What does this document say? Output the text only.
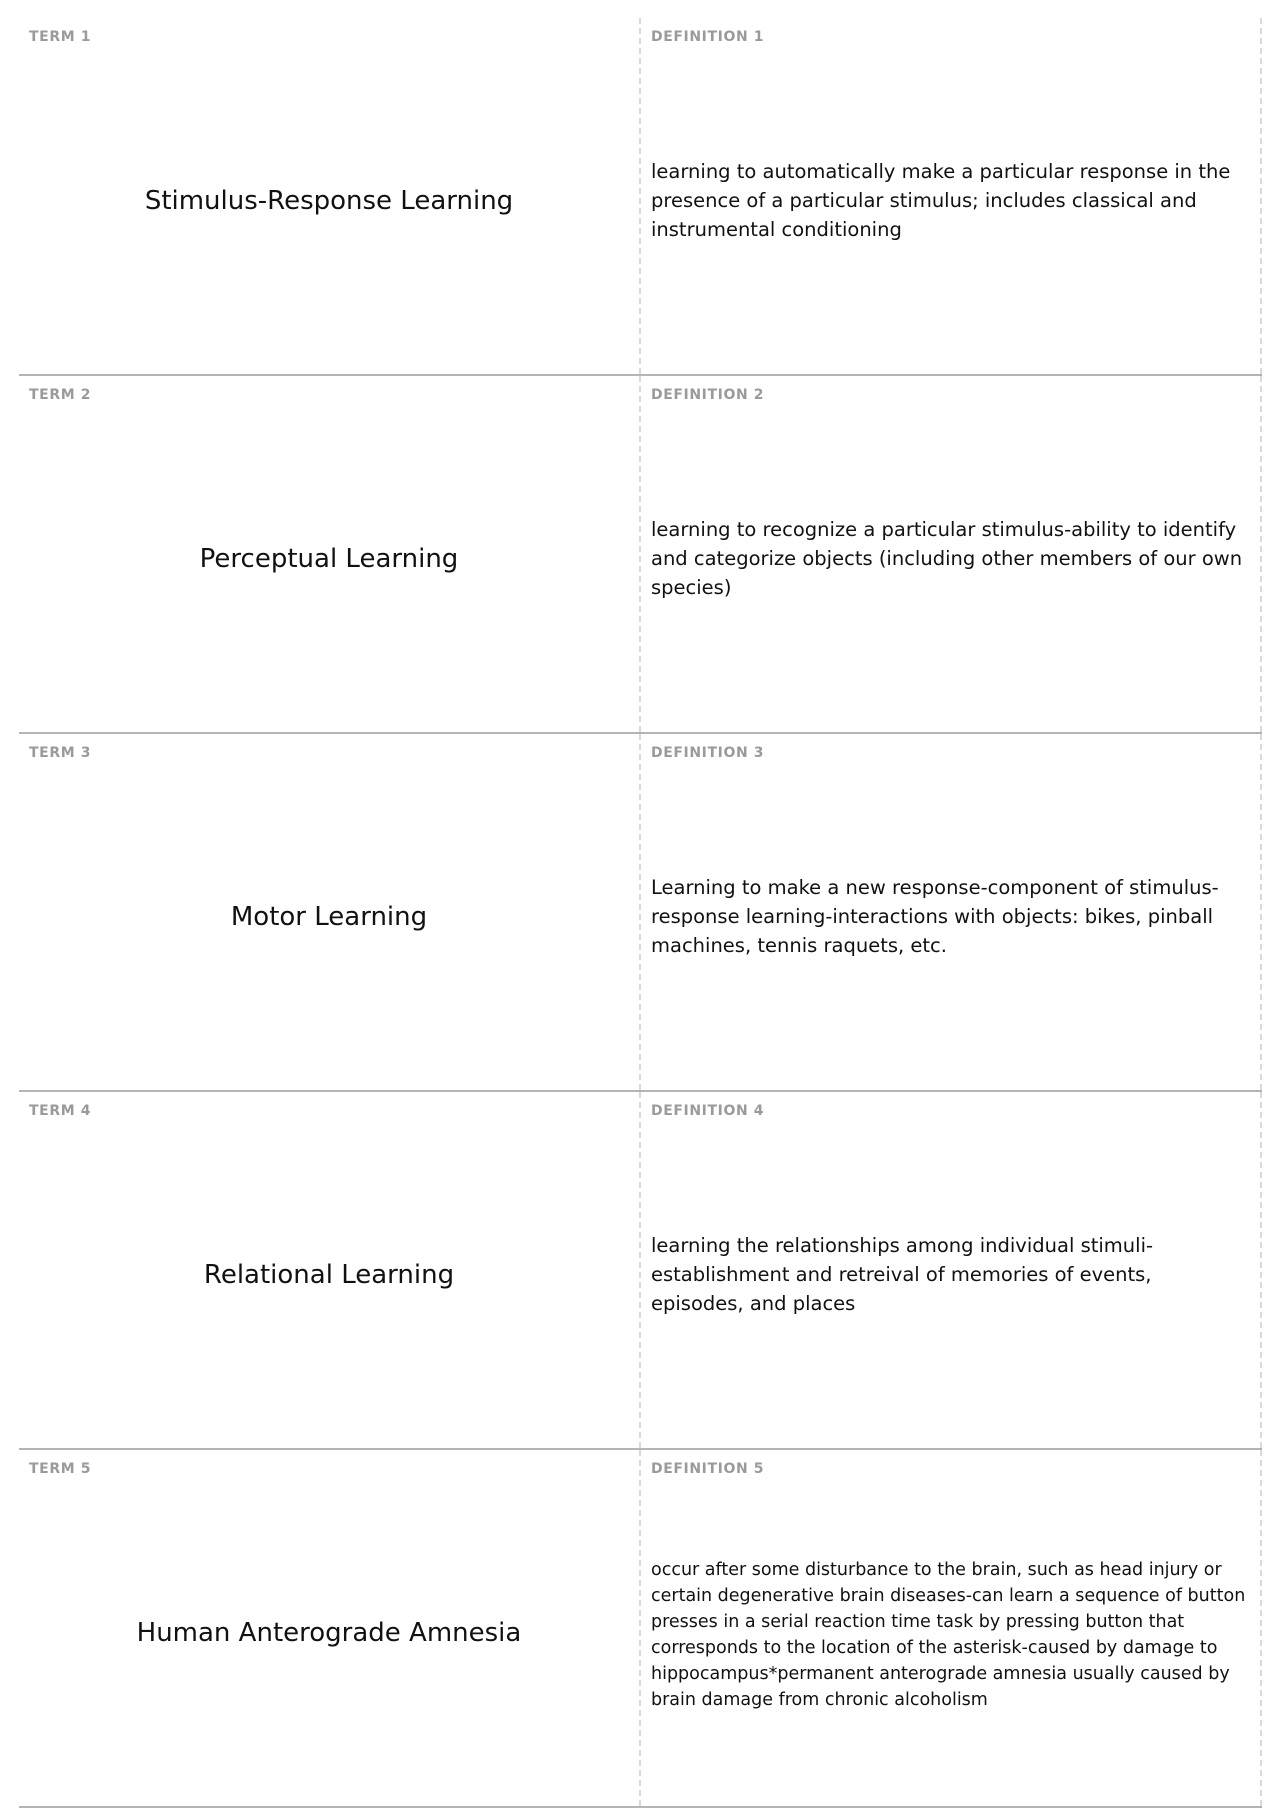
TERM 1
Stimulus-Response Learning
DEFINITION 1
learning to automatically make a particular response in the presence of a particular stimulus; includes classical and instrumental conditioning
TERM 2
Perceptual Learning
DEFINITION 2
learning to recognize a particular stimulus-ability to identify and categorize objects (including other members of our own species)
TERM 3
Motor Learning
DEFINITION 3
Learning to make a new response-component of stimulus-response learning-interactions with objects: bikes, pinball machines, tennis raquets, etc.
TERM 4
Relational Learning
DEFINITION 4
learning the relationships among individual stimuli-establishment and retreival of memories of events, episodes, and places
TERM 5
Human Anterograde Amnesia
DEFINITION 5
occur after some disturbance to the brain, such as head injury or certain degenerative brain diseases-can learn a sequence of button presses in a serial reaction time task by pressing button that corresponds to the location of the asterisk-caused by damage to hippocampus*permanent anterograde amnesia usually caused by brain damage from chronic alcoholism
